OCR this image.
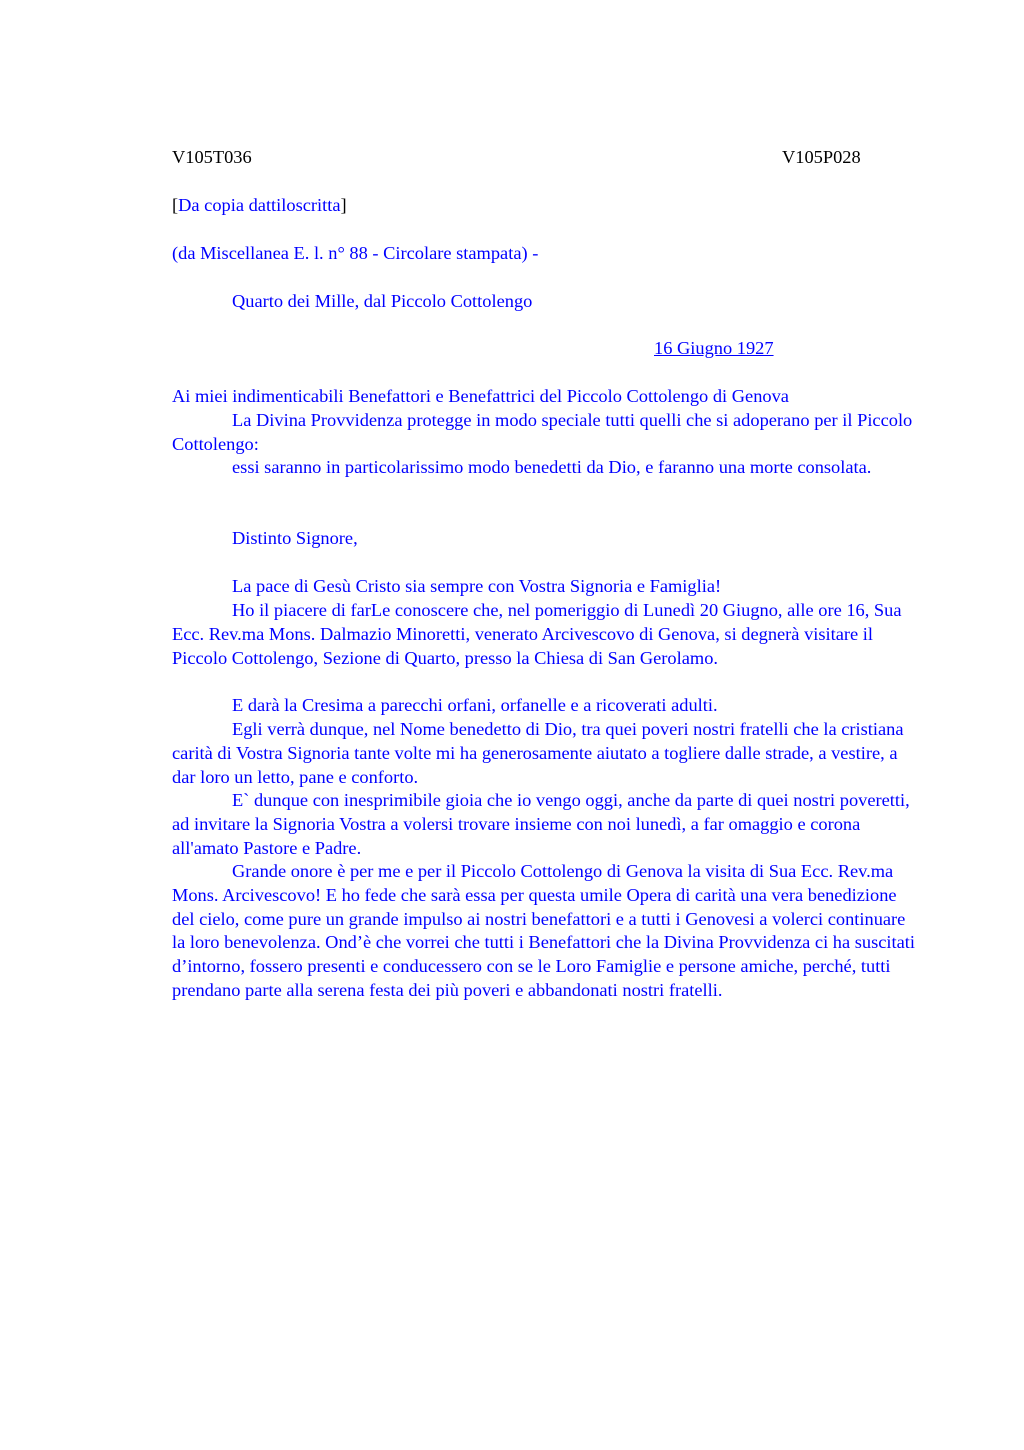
V105T036	V105P028

[Da copia dattiloscritta]

(da Miscellanea E. l. n° 88 - Circolare stampata) -

Quarto dei Mille, dal Piccolo Cottolengo
16 Giugno 1927

Ai miei indimenticabili Benefattori e Benefattrici del Piccolo Cottolengo di Genova

La Divina Provvidenza protegge in modo speciale tutti quelli che si adoperano per il Piccolo Cottolengo:

essi saranno in particolarissimo modo benedetti da Dio, e faranno una morte consolata.

Distinto Signore,

La pace di Gesù Cristo sia sempre con Vostra Signoria e Famiglia!

Ho il piacere di farLe conoscere che, nel pomeriggio di Lunedì 20 Giugno, alle ore 16, Sua Ecc. Rev.ma Mons. Dalmazio Minoretti, venerato Arcivescovo di Genova, si degnerà visitare il Piccolo Cottolengo, Sezione di Quarto, presso la Chiesa di San Gerolamo.

E darà la Cresima a parecchi orfani, orfanelle e a ricoverati adulti.

Egli verrà dunque, nel Nome benedetto di Dio, tra quei poveri nostri fratelli che la cristiana carità di Vostra Signoria tante volte mi ha generosamente aiutato a togliere dalle strade, a vestire, a dar loro un letto, pane e conforto.

E` dunque con inesprimibile gioia che io vengo oggi, anche da parte di quei nostri poveretti, ad invitare la Signoria Vostra a volersi trovare insieme con noi lunedì, a far omaggio e corona all'amato Pastore e Padre.

Grande onore è per me e per il Piccolo Cottolengo di Genova la visita di Sua Ecc. Rev.ma Mons. Arcivescovo! E ho fede che sarà essa per questa umile Opera di carità una vera benedizione del cielo, come pure un grande impulso ai nostri benefattori e a tutti i Genovesi a volerci continuare la loro benevolenza. Ond’è che vorrei che tutti i Benefattori che la Divina Provvidenza ci ha suscitati d’intorno, fossero presenti e conducessero con se le Loro Famiglie e persone amiche, perché, tutti prendano parte alla serena festa dei più poveri e abbandonati nostri fratelli.
